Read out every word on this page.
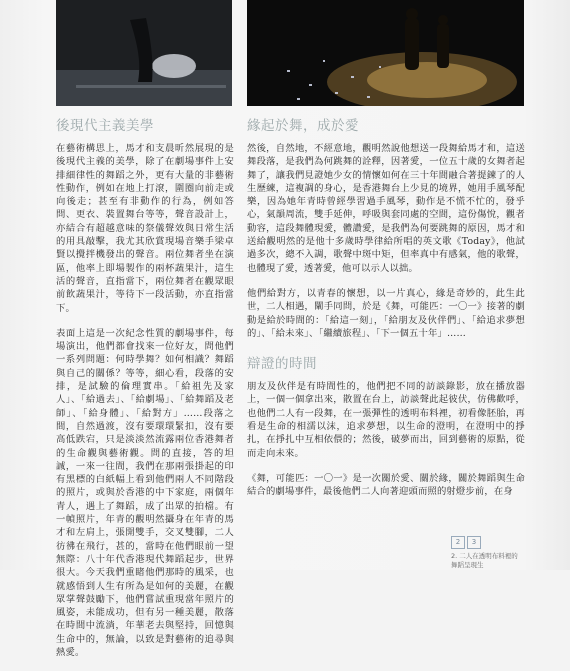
後現代主義美學

在藝術構思上，馬才和支晨昕然展現的是後現代主義的美學，除了在劇場事件上安排細律性的舞蹈之外，更有大量的非藝術性動作，例如在地上打滾，圍圈向前走或向後走；甚至有非動作的行為，例如答問、更衣、裝置舞台等等，聲音設計上，亦結合有超越意味的祭儀聲效與日常生活的用具敲擊，我尤其欣賞現場音樂手梁卓賢以攪拌機發出的聲音。兩位舞者坐在演區，他率上即場製作的兩杯蔬果汁，這生活的聲音，直指當下，兩位舞者在觀眾眼前飲蔬果汁，等待下一段活動，亦直指當下。

表面上這是一次紀念性質的劇場事件，每場演出，他們都會找來一位好友，問他們一系列問題：何時學舞？如何相識？舞蹈與自己的關係？等等，細心看，段落的安排，是試驗的倫理實串。「給祖先及家人」、「給過去」、「給劇場」、「給舞蹈及老師」、「給身體」、「給對方」……段落之間，自然過渡，沒有要環環緊扣，沒有要高低跌宕，只是淡淡然流露兩位香港舞者的生命觀與藝術觀。問的直接，答的坦誠，一來一往間，我們在那兩張掛起的印有黑標的白紙幅上看到他們兩人不同階段的照片，或與於香港的中下家庭，兩個年青人，遇上了舞蹈，成了出眾的拍檔。有一幀照片，年青的觀明然攝身在年青的馬才和左肩上，張開雙手，交叉雙腳，二人彷彿在飛行，甚的，當時在他們眼前一望無際：八十年代香港現代舞蹈起步，世界很大。今天我們重睹他們那時的風采，也就感悟到人生有所為是如何的美麗，在觀眾掌聲鼓勵下，他們嘗試重現當年照片的風姿，未能成功，但有另一種美麗，散落在時間中流淌，年華老去與堅持，回憶與生命中的，無論，以致是對藝術的追尋與熱愛。

緣起於舞，成於愛

然後，自然地，不經意地，觀明然說他想送一段舞給馬才和，這送舞段落，是我們為何跳舞的詮釋，因著愛，一位五十歲的女舞者起舞了，讓我們見證她少女的情懷如何在三十年間融合著提鍊了的人生歷練，這複調的身心，是香港舞台上少見的境界，她用手風琴配樂，因為她年青時曾經學習過手風琴，動作是不慌不忙的，發乎心，氣韻周流，雙手延伸，呼吸與套同處的空間，這份傷悅，觀者動容，這段舞體現愛，體讚愛，是我們為何要跳舞的原因，馬才和送給觀明然的是他十多歲時學律給所唱的英文歌《Today》，他試過多次，總不入調，歌聲中斑中矩，但率真中有感氣，他的歌聲，也體現了愛，透著愛，他可以示人以拙。

他們給對方，以青春的懷想，以一片真心，緣是奇妙的，此生此世，二人相遇，闡手同問，於是《舞，可能匹：一〇一》接著的劇動是給於時間的：「給這一刻」，「給朋友及伙伴們」、「給追求夢想的」、「給未來」、「繼續旅程」、「下一個五十年」……

辯證的時間

朋友及伙伴是有時間性的，他們把不同的訪談錄影，放在播放器上，一個一個拿出來，散置在台上，訪談聲此起彼伏，仿佛歡呼，也他們二人有一段舞，在一張彈性的透明布料裡，初看像胚胎，再看是生命的相濡以沫，追求夢想，以生命的澄明，在澄明中的掙扎，在掙扎中互相依偎的；然後，破夢而出，回到藝術的原點，從而走向未來。

《舞，可能匹：一〇一》是一次關於愛、關於緣，關於舞蹈與生命結合的劇場事件，最後他們二人向著迎頭而照的射燈步前，在身

2	3
2. 二人在透明布料裡的舞蹈呈現生
